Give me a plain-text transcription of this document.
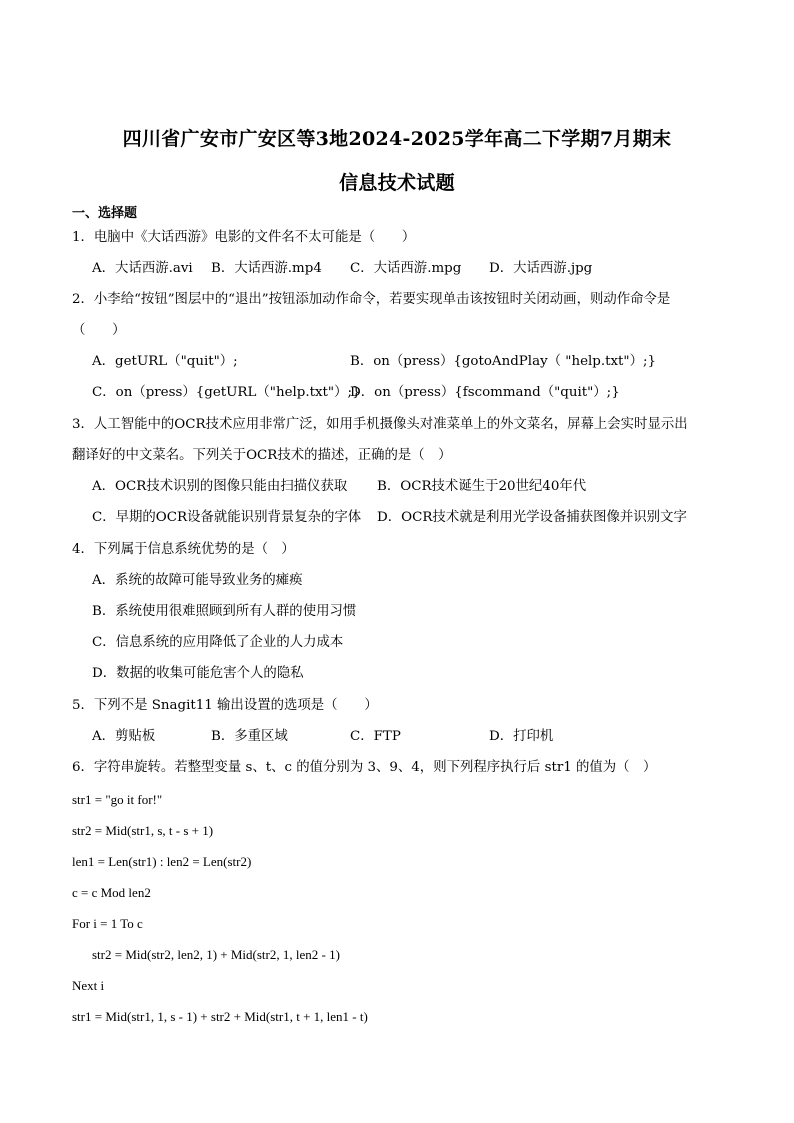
四川省广安市广安区等3地2024-2025学年高二下学期7月期末
信息技术试题
一、选择题
1．电脑中《大话西游》电影的文件名不太可能是（　　）
A．大话西游.avi B．大话西游.mp4 C．大话西游.mpg D．大话西游.jpg
2．小李给“按钮”图层中的“退出”按钮添加动作命令，若要实现单击该按钮时关闭动画，则动作命令是
（　　）
A．getURL（"quit"）;	B．on（press）{gotoAndPlay（ "help.txt"）;}
C．on（press）{getURL（"help.txt"）;}
D．on（press）{fscommand（"quit"）;}
3．人工智能中的OCR技术应用非常广泛，如用手机摄像头对准菜单上的外文菜名，屏幕上会实时显示出
翻译好的中文菜名。下列关于OCR技术的描述，正确的是（　）
A．OCR技术识别的图像只能由扫描仪获取 B．OCR技术诞生于20世纪40年代
C．早期的OCR设备就能识别背景复杂的字体 D．OCR技术就是利用光学设备捕获图像并识别文字
4．下列属于信息系统优势的是（　）
A．系统的故障可能导致业务的瘫痪
B．系统使用很难照顾到所有人群的使用习惯
C．信息系统的应用降低了企业的人力成本
D．数据的收集可能危害个人的隐私
5．下列不是 Snagit11 输出设置的选项是（　　）
A．剪贴板	B．多重区域	C．FTP	D．打印机
6．字符串旋转。若整型变量 s、t、c 的值分别为 3、9、4，则下列程序执行后 str1 的值为（　）
str1 = "go it for!"
str2 = Mid(str1, s, t - s + 1)
len1 = Len(str1) : len2 = Len(str2)
c = c Mod len2
For i = 1 To c
str2 = Mid(str2, len2, 1) + Mid(str2, 1, len2 - 1)
Next i
str1 = Mid(str1, 1, s - 1) + str2 + Mid(str1, t + 1, len1 - t)
